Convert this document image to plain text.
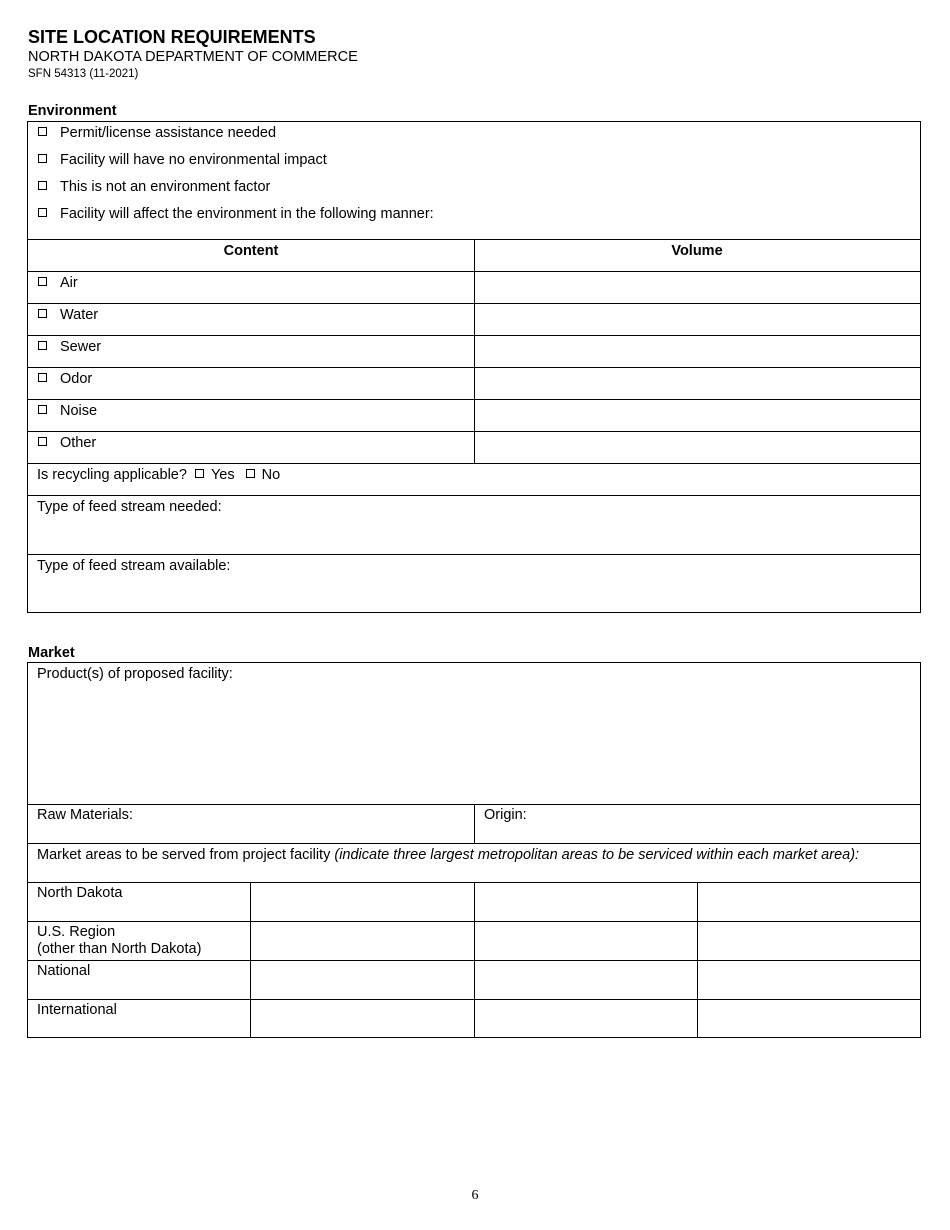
SITE LOCATION REQUIREMENTS
NORTH DAKOTA DEPARTMENT OF COMMERCE
SFN 54313 (11-2021)
Environment
Permit/license assistance needed
Facility will have no environmental impact
This is not an environment factor
Facility will affect the environment in the following manner:
Content	Volume
Air
Water
Sewer
Odor
Noise
Other
Is recycling applicable? Yes No
Type of feed stream needed:
Type of feed stream available:
Market
Product(s) of proposed facility:
Raw Materials:	Origin:
Market areas to be served from project facility (indicate three largest metropolitan areas to be serviced within each market area):
North Dakota
U.S. Region
(other than North Dakota)
National
International
6
